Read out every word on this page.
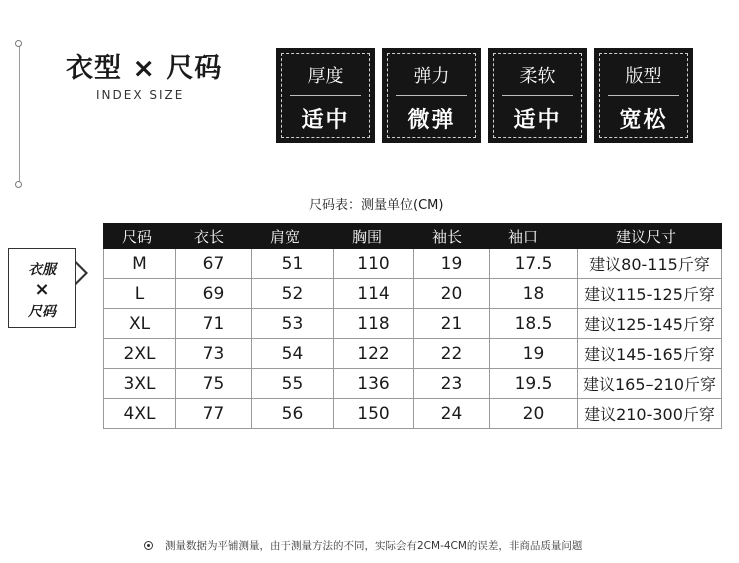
衣型 × 尺码
INDEX SIZE
厚度
适中
弹力
微弹
柔软
适中
版型
宽松
尺码表：测量单位(CM)
衣服
×
尺码
尺码	衣长	肩宽	胸围	袖长	袖口	建议尺寸
M	67	51	110	19	17.5	建议80-115斤穿
L	69	52	114	20	18	建议115-125斤穿
XL	71	53	118	21	18.5	建议125-145斤穿
2XL	73	54	122	22	19	建议145-165斤穿
3XL	75	55	136	23	19.5	建议165–210斤穿
4XL	77	56	150	24	20	建议210-300斤穿
测量数据为平铺测量，由于测量方法的不同，实际会有2CM-4CM的误差，非商品质量问题
